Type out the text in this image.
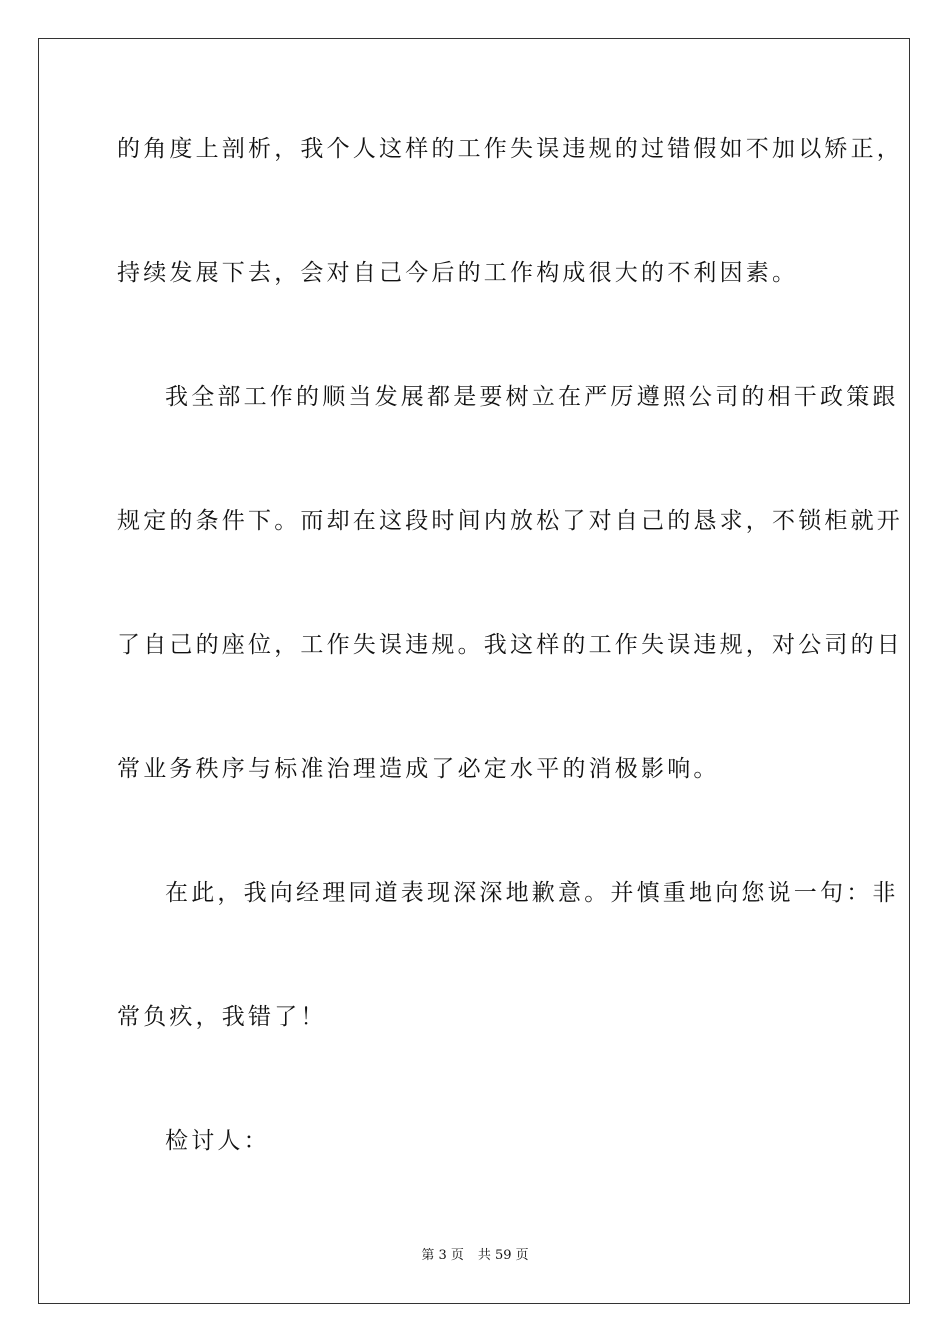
的角度上剖析，我个人这样的工作失误违规的过错假如不加以矫正，
持续发展下去，会对自己今后的工作构成很大的不利因素。
我全部工作的顺当发展都是要树立在严厉遵照公司的相干政策跟
规定的条件下。而却在这段时间内放松了对自己的恳求，不锁柜就开
了自己的座位，工作失误违规。我这样的工作失误违规，对公司的日
常业务秩序与标准治理造成了必定水平的消极影响。
在此，我向经理同道表现深深地歉意。并慎重地向您说一句：非
常负疚，我错了！
检讨人：
第 3 页 共 59 页
